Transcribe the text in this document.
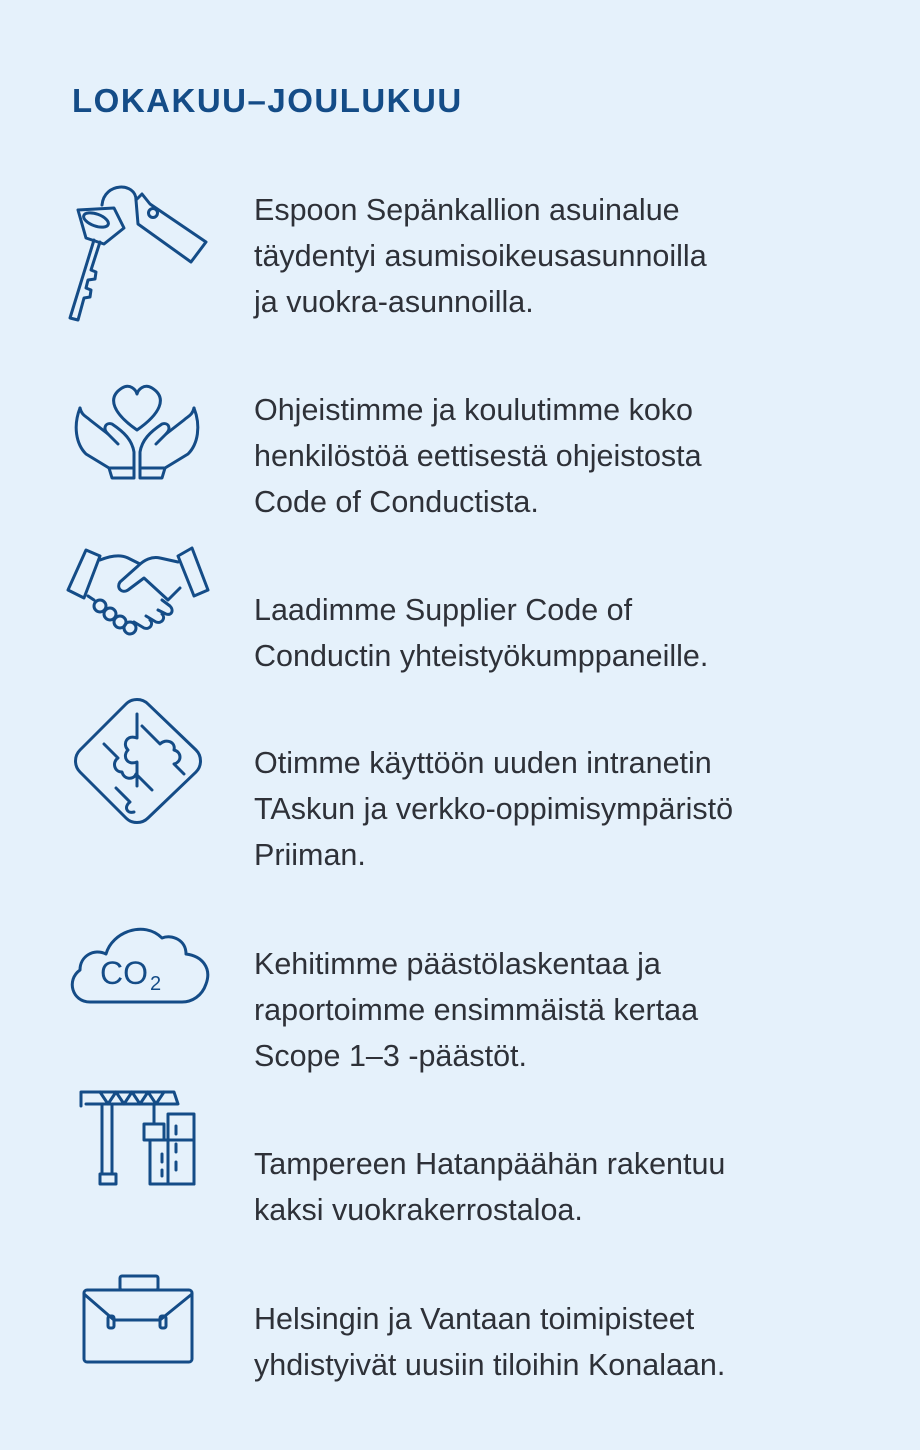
LOKAKUU–JOULUKUU
Espoon Sepänkallion asuinalue
täydentyi asumisoikeusasunnoilla
ja vuokra-asunnoilla.
Ohjeistimme ja koulutimme koko
henkilöstöä eettisestä ohjeistosta
Code of Conductista.
Laadimme Supplier Code of
Conductin yhteistyökumppaneille.
Otimme käyttöön uuden intranetin
TAskun ja verkko-oppimisympäristö
Priiman.
CO 2
Kehitimme päästölaskentaa ja
raportoimme ensimmäistä kertaa
Scope 1–3 -päästöt.
Tampereen Hatanpäähän rakentuu
kaksi vuokrakerrostaloa.
Helsingin ja Vantaan toimipisteet
yhdistyivät uusiin tiloihin Konalaan.
